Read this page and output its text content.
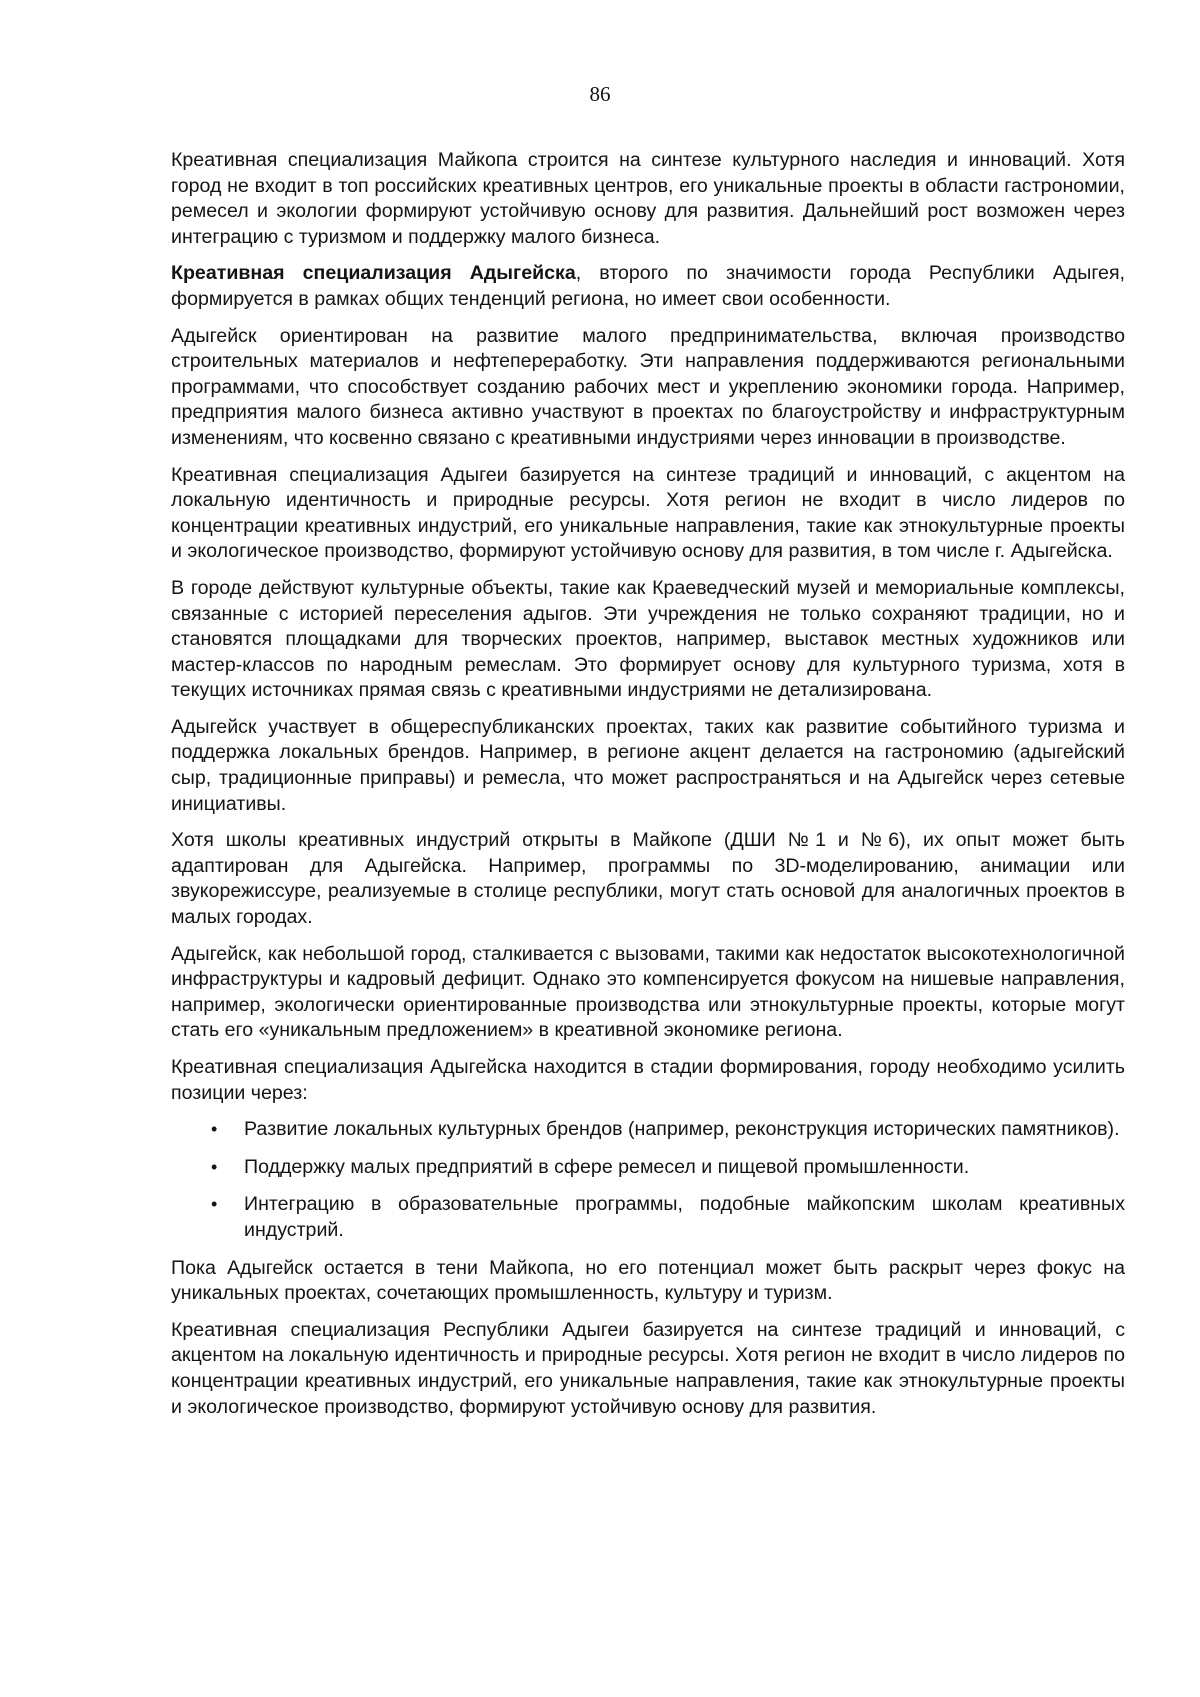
86

Креативная специализация Майкопа строится на синтезе культурного наследия и инноваций. Хотя город не входит в топ российских креативных центров, его уникальные проекты в области гастрономии, ремесел и экологии формируют устойчивую основу для развития. Дальнейший рост возможен через интеграцию с туризмом и поддержку малого бизнеса.

Креативная специализация Адыгейска, второго по значимости города Республики Адыгея, формируется в рамках общих тенденций региона, но имеет свои особенности.

Адыгейск ориентирован на развитие малого предпринимательства, включая производство строительных материалов и нефтепереработку. Эти направления поддерживаются региональными программами, что способствует созданию рабочих мест и укреплению экономики города. Например, предприятия малого бизнеса активно участвуют в проектах по благоустройству и инфраструктурным изменениям, что косвенно связано с креативными индустриями через инновации в производстве.

Креативная специализация Адыгеи базируется на синтезе традиций и инноваций, с акцентом на локальную идентичность и природные ресурсы. Хотя регион не входит в число лидеров по концентрации креативных индустрий, его уникальные направления, такие как этнокультурные проекты и экологическое производство, формируют устойчивую основу для развития, в том числе г. Адыгейска.

В городе действуют культурные объекты, такие как Краеведческий музей и мемориальные комплексы, связанные с историей переселения адыгов. Эти учреждения не только сохраняют традиции, но и становятся площадками для творческих проектов, например, выставок местных художников или мастер-классов по народным ремеслам. Это формирует основу для культурного туризма, хотя в текущих источниках прямая связь с креативными индустриями не детализирована.

Адыгейск участвует в общереспубликанских проектах, таких как развитие событийного туризма и поддержка локальных брендов. Например, в регионе акцент делается на гастрономию (адыгейский сыр, традиционные приправы) и ремесла, что может распространяться и на Адыгейск через сетевые инициативы.

Хотя школы креативных индустрий открыты в Майкопе (ДШИ №1 и №6), их опыт может быть адаптирован для Адыгейска. Например, программы по 3D-моделированию, анимации или звукорежиссуре, реализуемые в столице республики, могут стать основой для аналогичных проектов в малых городах.

Адыгейск, как небольшой город, сталкивается с вызовами, такими как недостаток высокотехнологичной инфраструктуры и кадровый дефицит. Однако это компенсируется фокусом на нишевые направления, например, экологически ориентированные производства или этнокультурные проекты, которые могут стать его «уникальным предложением» в креативной экономике региона.

Креативная специализация Адыгейска находится в стадии формирования, городу необходимо усилить позиции через:

• Развитие локальных культурных брендов (например, реконструкция исторических памятников).
• Поддержку малых предприятий в сфере ремесел и пищевой промышленности.
• Интеграцию в образовательные программы, подобные майкопским школам креативных индустрий.

Пока Адыгейск остается в тени Майкопа, но его потенциал может быть раскрыт через фокус на уникальных проектах, сочетающих промышленность, культуру и туризм.

Креативная специализация Республики Адыгеи базируется на синтезе традиций и инноваций, с акцентом на локальную идентичность и природные ресурсы. Хотя регион не входит в число лидеров по концентрации креативных индустрий, его уникальные направления, такие как этнокультурные проекты и экологическое производство, формируют устойчивую основу для развития.
